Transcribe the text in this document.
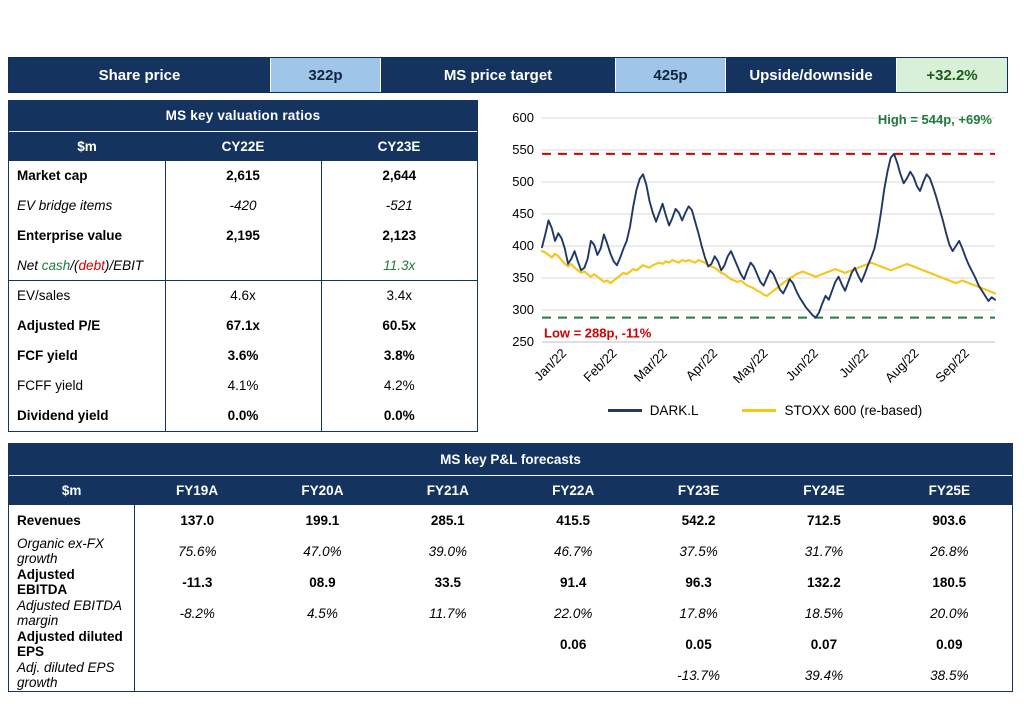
Share price	322p	MS price target	425p	Upside/downside	+32.2%
MS key valuation ratios		
$m	CY22E	CY23E
Market cap	2,615	2,644
EV bridge items	-420	-521
Enterprise value	2,195	2,123
Net cash/(debt)/EBIT		11.3x
EV/sales	4.6x	3.4x
Adjusted P/E	67.1x	60.5x
FCF yield	3.6%	3.8%
FCFF yield	4.1%	4.2%
Dividend yield	0.0%	0.0%
250
300
350
400
450
500
550
600
Jan/22 Feb/22 Mar/22 Apr/22 May/22 Jun/22 Jul/22 Aug/22 Sep/22
High = 544p, +69%
Low = 288p, -11%
DARK.L	STOXX 600 (re-based)
MS key P&L forecasts							
$m	FY19A	FY20A	FY21A	FY22A	FY23E	FY24E	FY25E
Revenues	137.0	199.1	285.1	415.5	542.2	712.5	903.6
Organic ex-FX growth	75.6%	47.0%	39.0%	46.7%	37.5%	31.7%	26.8%
Adjusted EBITDA	-11.3	08.9	33.5	91.4	96.3	132.2	180.5
Adjusted EBITDA margin	-8.2%	4.5%	11.7%	22.0%	17.8%	18.5%	20.0%
Adjusted diluted EPS				0.06	0.05	0.07	0.09
Adj. diluted EPS growth					-13.7%	39.4%	38.5%
